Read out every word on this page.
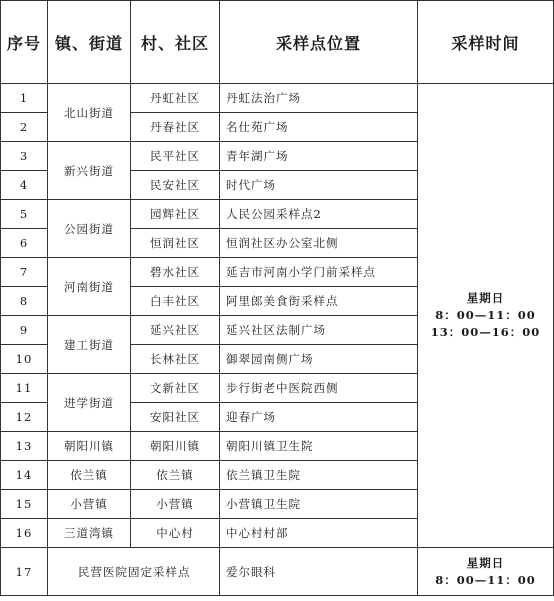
序号	镇、街道	村、社区	采样点位置	采样时间
1	北山街道	丹虹社区	丹虹法治广场	星期日
8：00—11：00
13：00—16：00

2		丹春社区	名仕苑广场	
3	新兴街道	民平社区	青年湖广场	
4		民安社区	时代广场	
5	公园街道	园辉社区	人民公园采样点2	
6		恒润社区	恒润社区办公室北侧	
7	河南街道	碧水社区	延吉市河南小学门前采样点	
8		白丰社区	阿里郎美食街采样点	
9	建工街道	延兴社区	延兴社区法制广场	
10		长林社区	御翠园南侧广场	
11	进学街道	文新社区	步行街老中医院西侧	
12		安阳社区	迎春广场	
13	朝阳川镇	朝阳川镇	朝阳川镇卫生院	
14	依兰镇	依兰镇	依兰镇卫生院	
15	小营镇	小营镇	小营镇卫生院	
16	三道湾镇	中心村	中心村村部	
17	民营医院固定采样点		爱尔眼科	星期日
8：00—11：00
